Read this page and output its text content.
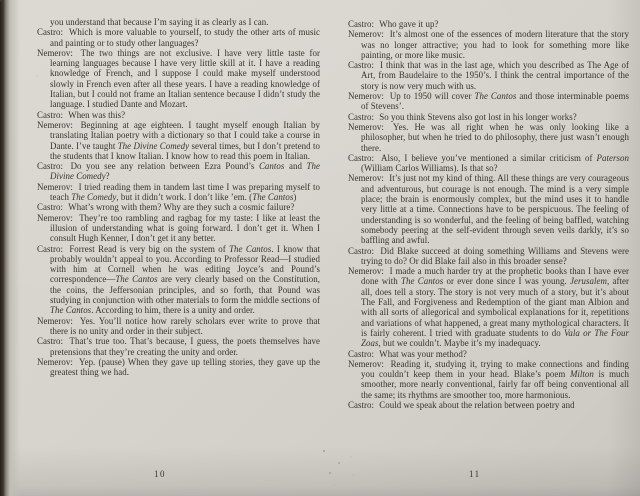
you understand that because I’m saying it as clearly as I can.

Castro: Which is more valuable to yourself, to study the other arts of music and painting or to study other languages?

Nemerov: The two things are not exclusive. I have very little taste for learning languages because I have very little skill at it. I have a reading knowledge of French, and I suppose I could make myself understood slowly in French even after all these years. I have a reading knowledge of Italian, but I could not frame an Italian sentence because I didn’t study the language. I studied Dante and Mozart.

Castro: When was this?

Nemerov: Beginning at age eighteen. I taught myself enough Italian by translating Italian poetry with a dictionary so that I could take a course in Dante. I’ve taught The Divine Comedy several times, but I don’t pretend to the students that I know Italian. I know how to read this poem in Italian.

Castro: Do you see any relation between Ezra Pound’s Cantos and The Divine Comedy?

Nemerov: I tried reading them in tandem last time I was preparing myself to teach The Comedy, but it didn’t work. I don’t like ’em. (The Cantos)

Castro: What’s wrong with them? Why are they such a cosmic failure?

Nemerov: They’re too rambling and ragbag for my taste: I like at least the illusion of understanding what is going forward. I don’t get it. When I consult Hugh Kenner, I don’t get it any better.

Castro: Forrest Read is very big on the system of The Cantos. I know that probably wouldn’t appeal to you. According to Professor Read—I studied with him at Cornell when he was editing Joyce’s and Pound’s correspondence—The Cantos are very clearly based on the Constitution, the coins, the Jeffersonian principles, and so forth, that Pound was studying in conjunction with other materials to form the middle sections of The Cantos. According to him, there is a unity and order.

Nemerov: Yes. You’ll notice how rarely scholars ever write to prove that there is no unity and order in their subject.

Castro: That’s true too. That’s because, I guess, the poets themselves have pretensions that they’re creating the unity and order.

Nemerov: Yep. (pause) When they gave up telling stories, they gave up the greatest thing we had.

Castro: Who gave it up?

Nemerov: It’s almost one of the essences of modern literature that the story was no longer attractive; you had to look for something more like painting, or more like music.

Castro: I think that was in the last age, which you described as The Age of Art, from Baudelaire to the 1950’s. I think the central importance of the story is now very much with us.

Nemerov: Up to 1950 will cover The Cantos and those interminable poems of Stevens’.

Castro: So you think Stevens also got lost in his longer works?

Nemerov: Yes. He was all right when he was only looking like a philosopher, but when he tried to do philosophy, there just wasn’t enough there.

Castro: Also, I believe you’ve mentioned a similar criticism of Paterson (William Carlos Williams). Is that so?

Nemerov: It’s just not my kind of thing. All these things are very courageous and adventurous, but courage is not enough. The mind is a very simple place; the brain is enormously complex, but the mind uses it to handle very little at a time. Connections have to be perspicuous. The feeling of understanding is so wonderful, and the feeling of being baffled, watching somebody peering at the self-evident through seven veils darkly, it’s so baffling and awful.

Castro: Did Blake succeed at doing something Williams and Stevens were trying to do? Or did Blake fail also in this broader sense?

Nemerov: I made a much harder try at the prophetic books than I have ever done with The Cantos or ever done since I was young. Jerusalem, after all, does tell a story. The story is not very much of a story, but it’s about The Fall, and Forgiveness and Redemption of the giant man Albion and with all sorts of allegorical and symbolical explanations for it, repetitions and variations of what happened, a great many mythological characters. It is fairly coherent. I tried with graduate students to do Vala or The Four Zoas, but we couldn’t. Maybe it’s my inadequacy.

Castro: What was your method?

Nemerov: Reading it, studying it, trying to make connections and finding you couldn’t keep them in your head. Blake’s poem Milton is much smoother, more nearly conventional, fairly far off being conventional all the same; its rhythms are smoother too, more harmonious.

Castro: Could we speak about the relation between poetry and

10	11
